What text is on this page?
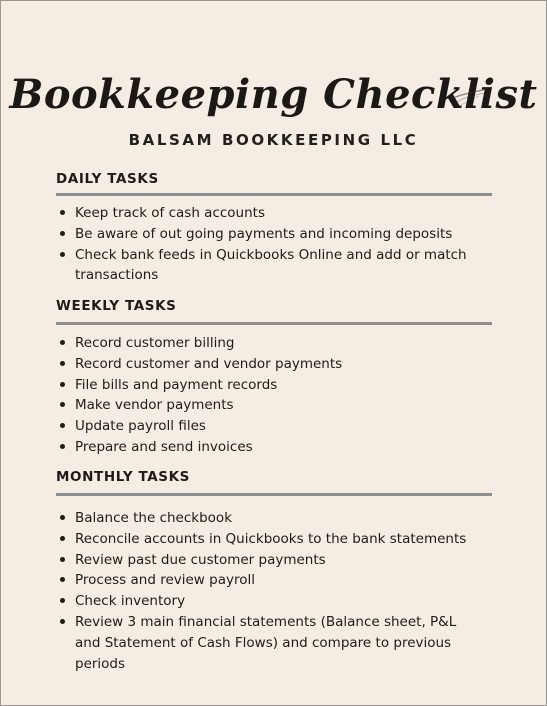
Bookkeeping Checklist
BALSAM BOOKKEEPING LLC
DAILY TASKS
Keep track of cash accounts
Be aware of out going payments and incoming deposits
Check bank feeds in Quickbooks Online and add or match transactions
WEEKLY TASKS
Record customer billing
Record customer and vendor payments
File bills and payment records
Make vendor payments
Update payroll files
Prepare and send invoices
MONTHLY TASKS
Balance the checkbook
Reconcile accounts in Quickbooks to the bank statements
Review past due customer payments
Process and review payroll
Check inventory
Review 3 main financial statements (Balance sheet, P&L and Statement of Cash Flows) and compare to previous periods
